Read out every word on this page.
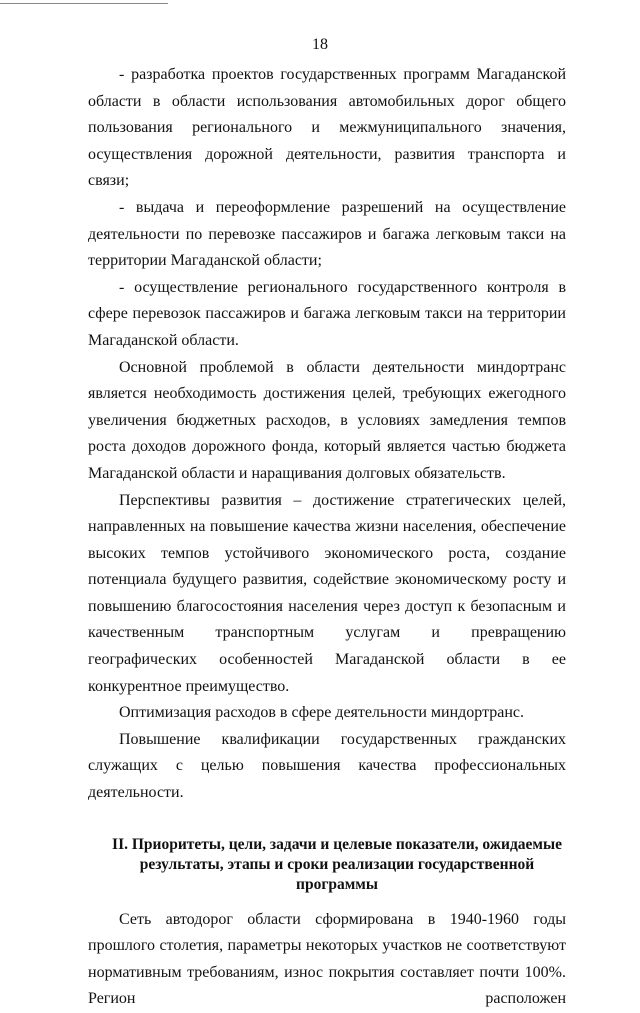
18

- разработка проектов государственных программ Магаданской области в области использования автомобильных дорог общего пользования регионального и межмуниципального значения, осуществления дорожной деятельности, развития транспорта и связи;

- выдача и переоформление разрешений на осуществление деятельности по перевозке пассажиров и багажа легковым такси на территории Магаданской области;

- осуществление регионального государственного контроля в сфере перевозок пассажиров и багажа легковым такси на территории Магаданской области.

Основной проблемой в области деятельности миндортранс является необходимость достижения целей, требующих ежегодного увеличения бюджетных расходов, в условиях замедления темпов роста доходов дорожного фонда, который является частью бюджета Магаданской области и наращивания долговых обязательств.

Перспективы развития – достижение стратегических целей, направленных на повышение качества жизни населения, обеспечение высоких темпов устойчивого экономического роста, создание потенциала будущего развития, содействие экономическому росту и повышению благосостояния населения через доступ к безопасным и качественным транспортным услугам и превращению географических особенностей Магаданской области в ее конкурентное преимущество.

Оптимизация расходов в сфере деятельности миндортранс.

Повышение квалификации государственных гражданских служащих с целью повышения качества профессиональных деятельности.

II. Приоритеты, цели, задачи и целевые показатели, ожидаемые результаты, этапы и сроки реализации государственной программы

Сеть автодорог области сформирована в 1940-1960 годы прошлого столетия, параметры некоторых участков не соответствуют нормативным требованиям, износ покрытия составляет почти 100%. Регион расположен
